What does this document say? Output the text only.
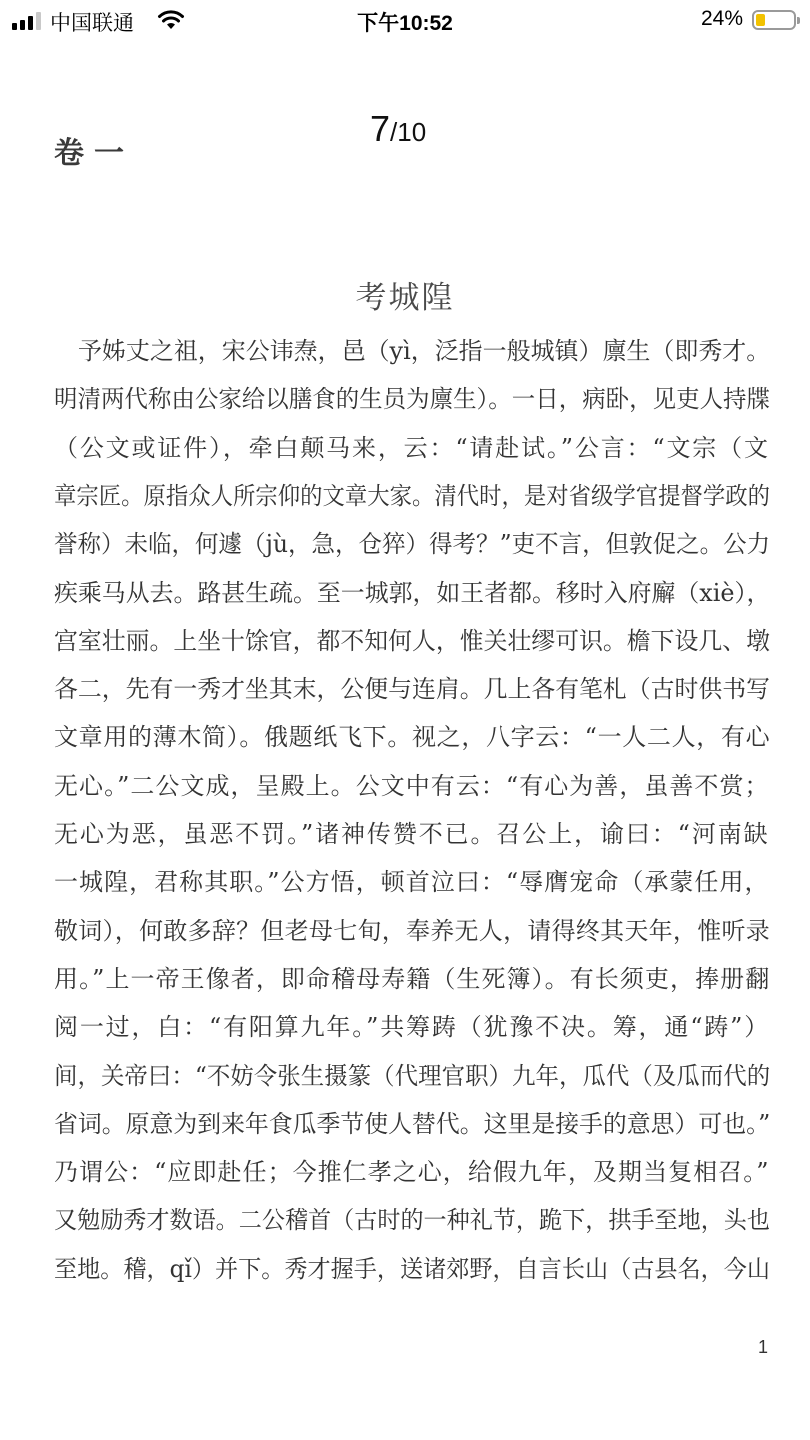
中国联通	下午10:52	24%
卷一
7/10
考城隍
　予姊丈之祖，宋公讳焘，邑（yì，泛指一般城镇）廪生（即秀才。
明清两代称由公家给以膳食的生员为廪生）。一日，病卧，见吏人持牒
（公文或证件），牵白颠马来，云：“请赴试。”公言：“文宗（文
章宗匠。原指众人所宗仰的文章大家。清代时，是对省级学官提督学政的
誉称）未临，何遽（jù，急，仓猝）得考？”吏不言，但敦促之。公力
疾乘马从去。路甚生疏。至一城郭，如王者都。移时入府廨（xiè），
宫室壮丽。上坐十馀官，都不知何人，惟关壮缪可识。檐下设几、墩
各二，先有一秀才坐其末，公便与连肩。几上各有笔札（古时供书写
文章用的薄木简）。俄题纸飞下。视之，八字云：“一人二人，有心
无心。”二公文成，呈殿上。公文中有云：“有心为善，虽善不赏；
无心为恶，虽恶不罚。”诸神传赞不已。召公上，谕曰：“河南缺
一城隍，君称其职。”公方悟，顿首泣曰：“辱膺宠命（承蒙任用，
敬词），何敢多辞？但老母七旬，奉养无人，请得终其天年，惟听录
用。”上一帝王像者，即命稽母寿籍（生死簿）。有长须吏，捧册翻
阅一过，白：“有阳算九年。”共筹踌（犹豫不决。筹，通“踌”）
间，关帝曰：“不妨令张生摄篆（代理官职）九年，瓜代（及瓜而代的
省词。原意为到来年食瓜季节使人替代。这里是接手的意思）可也。”
乃谓公：“应即赴任；今推仁孝之心，给假九年，及期当复相召。”
又勉励秀才数语。二公稽首（古时的一种礼节，跪下，拱手至地，头也
至地。稽，qǐ）并下。秀才握手，送诸郊野，自言长山（古县名，今山
1
